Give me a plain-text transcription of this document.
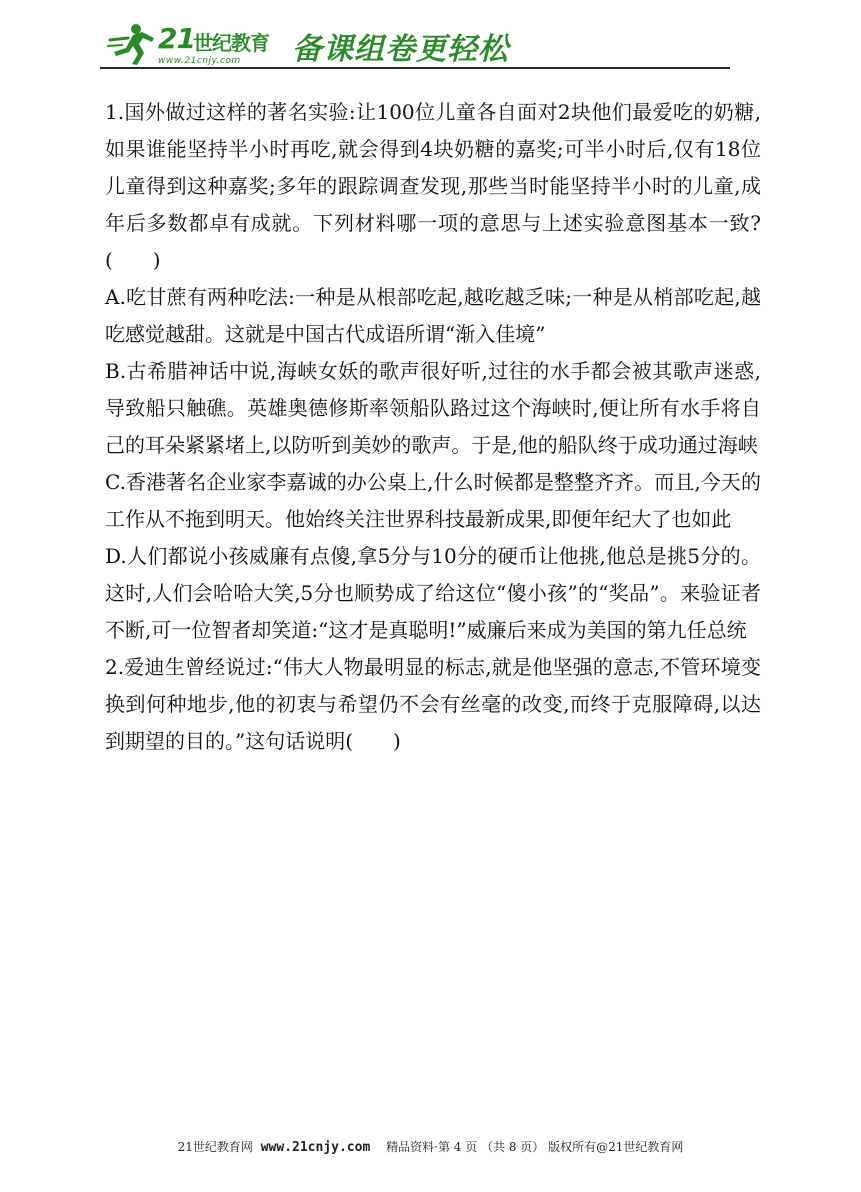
21
世纪教育
www.21cnjy.com 备课组卷更轻松

1.国外做过这样的著名实验:让100位儿童各自面对2块他们最爱吃的奶糖,如果谁能坚持半小时再吃,就会得到4块奶糖的嘉奖;可半小时后,仅有18位儿童得到这种嘉奖;多年的跟踪调查发现,那些当时能坚持半小时的儿童,成年后多数都卓有成就。下列材料哪一项的意思与上述实验意图基本一致?(　　)

A.吃甘蔗有两种吃法:一种是从根部吃起,越吃越乏味;一种是从梢部吃起,越吃感觉越甜。这就是中国古代成语所谓“渐入佳境”

B.古希腊神话中说,海峡女妖的歌声很好听,过往的水手都会被其歌声迷惑,导致船只触礁。英雄奥德修斯率领船队路过这个海峡时,便让所有水手将自己的耳朵紧紧堵上,以防听到美妙的歌声。于是,他的船队终于成功通过海峡

C.香港著名企业家李嘉诚的办公桌上,什么时候都是整整齐齐。而且,今天的工作从不拖到明天。他始终关注世界科技最新成果,即便年纪大了也如此

D.人们都说小孩威廉有点傻,拿5分与10分的硬币让他挑,他总是挑5分的。这时,人们会哈哈大笑,5分也顺势成了给这位“傻小孩”的“奖品”。来验证者不断,可一位智者却笑道:“这才是真聪明!”威廉后来成为美国的第九任总统

2.爱迪生曾经说过:“伟大人物最明显的标志,就是他坚强的意志,不管环境变换到何种地步,他的初衷与希望仍不会有丝毫的改变,而终于克服障碍,以达到期望的目的。”这句话说明(　　)

21世纪教育网 www.21cnjy.com 精品资料·第 4 页 （共 8 页） 版权所有@21世纪教育网
